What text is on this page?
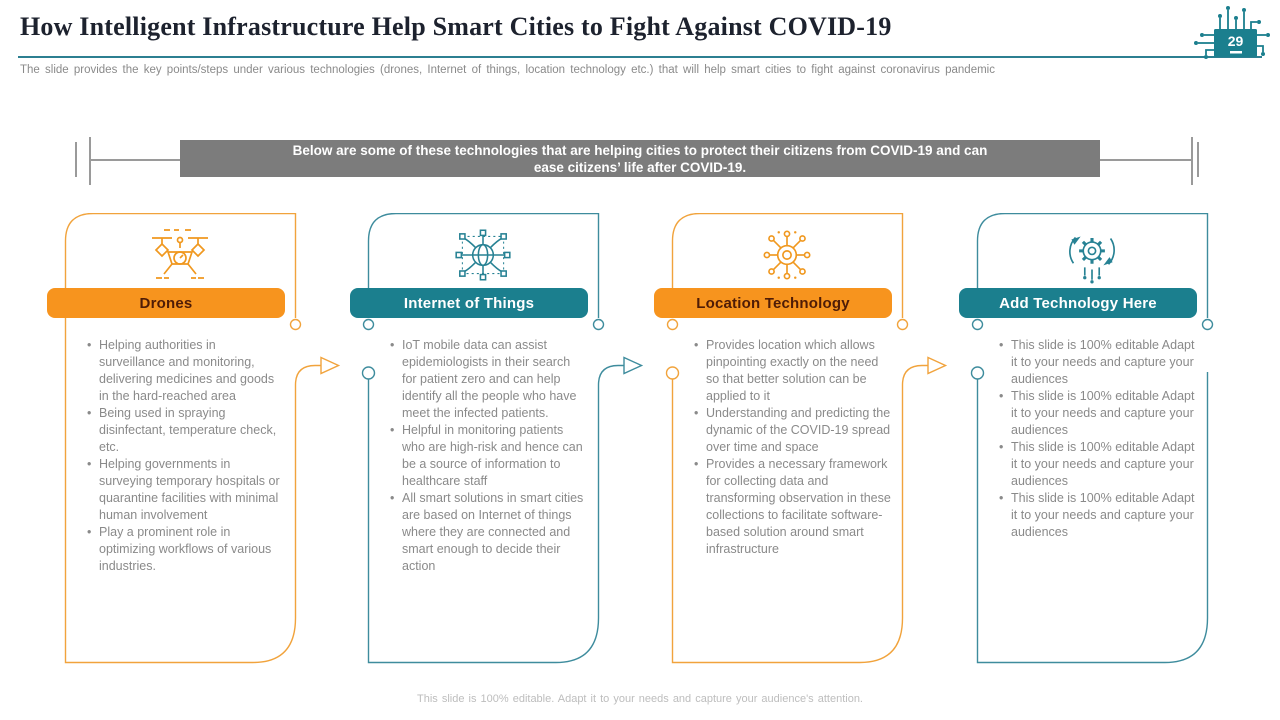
How Intelligent Infrastructure Help Smart Cities to Fight Against COVID-19
The slide provides the key points/steps under various technologies (drones, Internet of things, location technology etc.) that will help smart cities to fight against coronavirus pandemic
29
Below are some of these technologies that are helping cities to protect their citizens from COVID-19 and can ease citizens’ life after COVID-19.
Drones
• Helping authorities in surveillance and monitoring, delivering medicines and goods in the hard-reached area
• Being used in spraying disinfectant, temperature check, etc.
• Helping governments in surveying temporary hospitals or quarantine facilities with minimal human involvement
• Play a prominent role in optimizing workflows of various industries.
Internet of Things
• IoT mobile data can assist epidemiologists in their search for patient zero and can help identify all the people who have meet the infected patients.
• Helpful in monitoring patients who are high-risk and hence can be a source of information to healthcare staff
• All smart solutions in smart cities are based on Internet of things where they are connected and smart enough to decide their action
Location Technology
• Provides location which allows pinpointing exactly on the need so that better solution can be applied to it
• Understanding and predicting the dynamic of the COVID-19 spread over time and space
• Provides a necessary framework for collecting data and transforming observation in these collections to facilitate software-based solution around smart infrastructure
Add Technology Here
• This slide is 100% editable Adapt it to your needs and capture your audiences
• This slide is 100% editable Adapt it to your needs and capture your audiences
• This slide is 100% editable Adapt it to your needs and capture your audiences
• This slide is 100% editable Adapt it to your needs and capture your audiences
This slide is 100% editable. Adapt it to your needs and capture your audience's attention.
